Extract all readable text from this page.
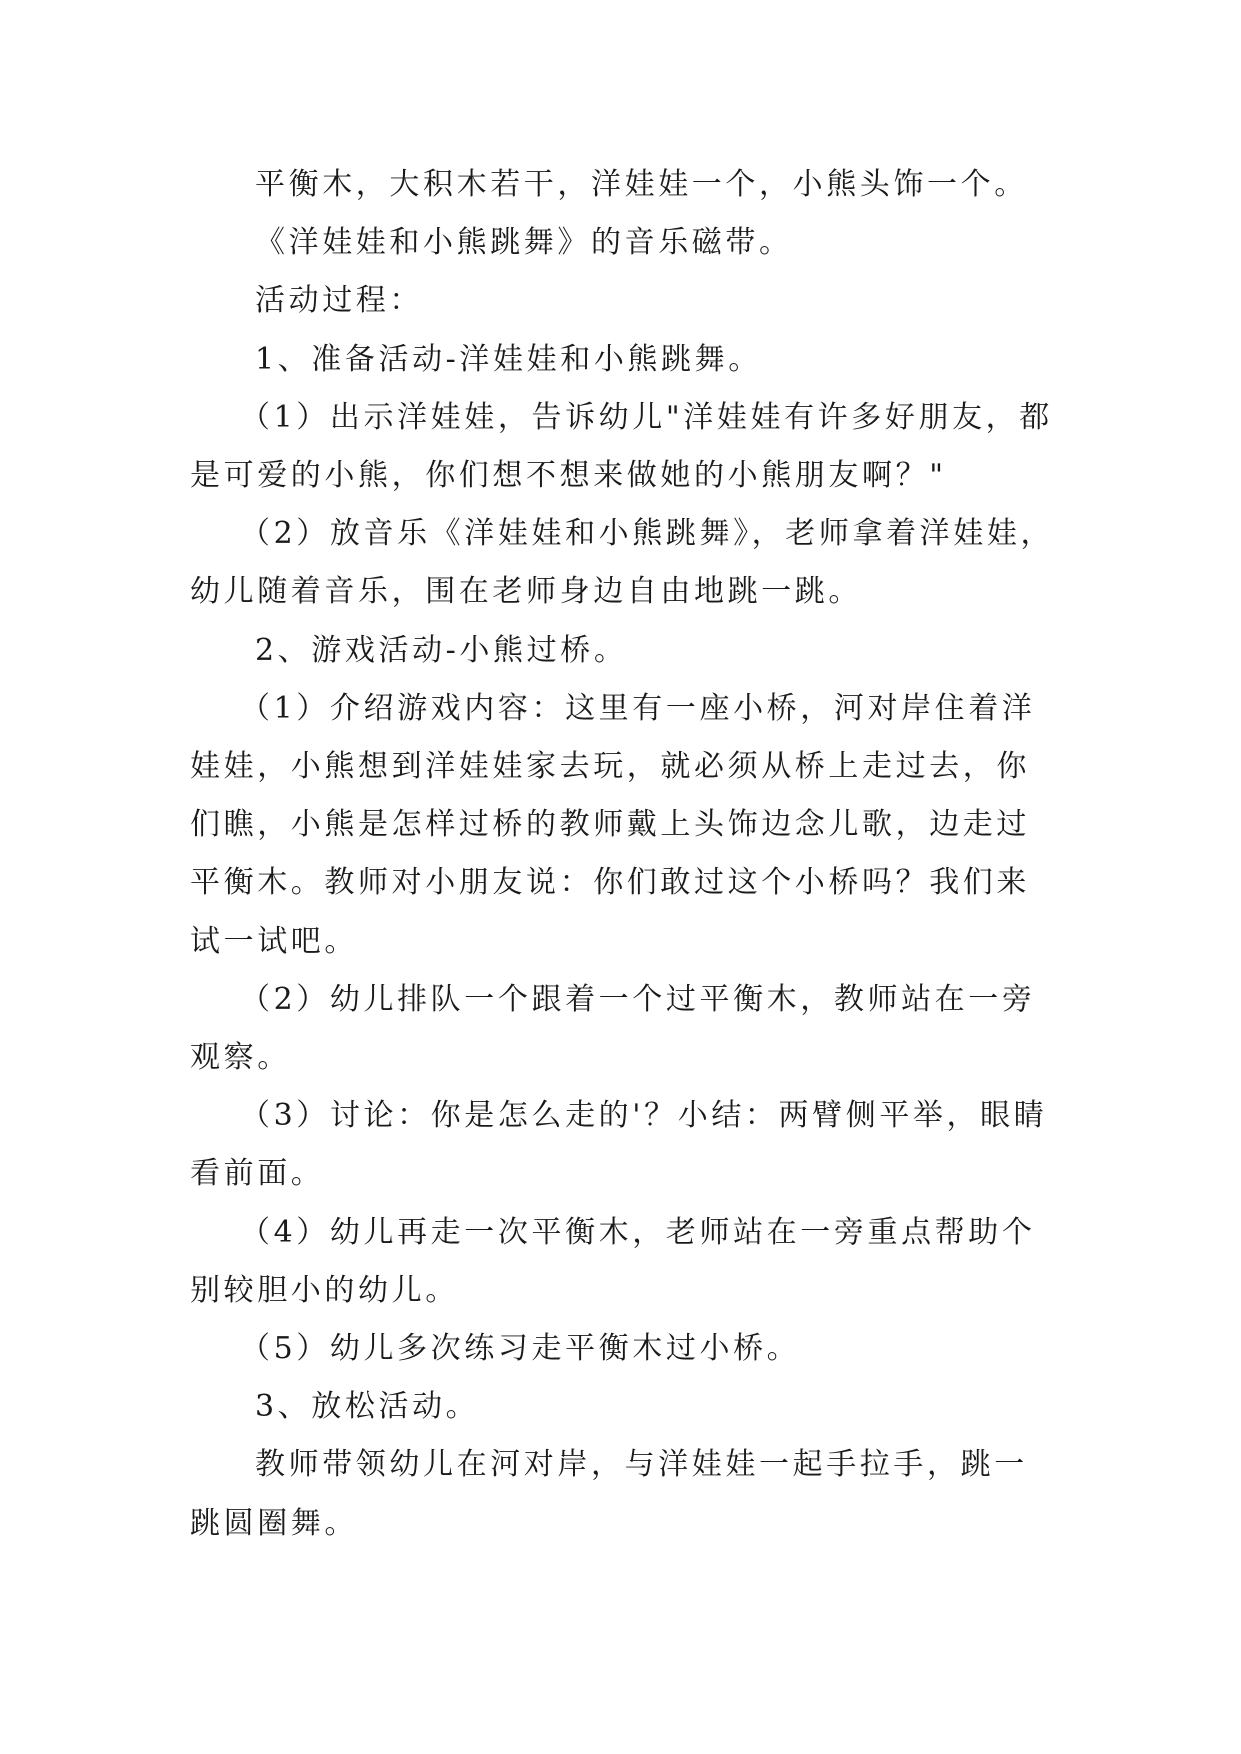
平衡木，大积木若干，洋娃娃一个，小熊头饰一个。

《洋娃娃和小熊跳舞》的音乐磁带。

活动过程：

1、准备活动-洋娃娃和小熊跳舞。

（1）出示洋娃娃，告诉幼儿"洋娃娃有许多好朋友，都是可爱的小熊，你们想不想来做她的小熊朋友啊？"

（2）放音乐《洋娃娃和小熊跳舞》，老师拿着洋娃娃，幼儿随着音乐，围在老师身边自由地跳一跳。

2、游戏活动-小熊过桥。

（1）介绍游戏内容：这里有一座小桥，河对岸住着洋娃娃，小熊想到洋娃娃家去玩，就必须从桥上走过去，你们瞧，小熊是怎样过桥的教师戴上头饰边念儿歌，边走过平衡木。教师对小朋友说：你们敢过这个小桥吗？我们来试一试吧。

（2）幼儿排队一个跟着一个过平衡木，教师站在一旁观察。

（3）讨论：你是怎么走的'？小结：两臂侧平举，眼睛看前面。

（4）幼儿再走一次平衡木，老师站在一旁重点帮助个别较胆小的幼儿。

（5）幼儿多次练习走平衡木过小桥。

3、放松活动。

教师带领幼儿在河对岸，与洋娃娃一起手拉手，跳一跳圆圈舞。
